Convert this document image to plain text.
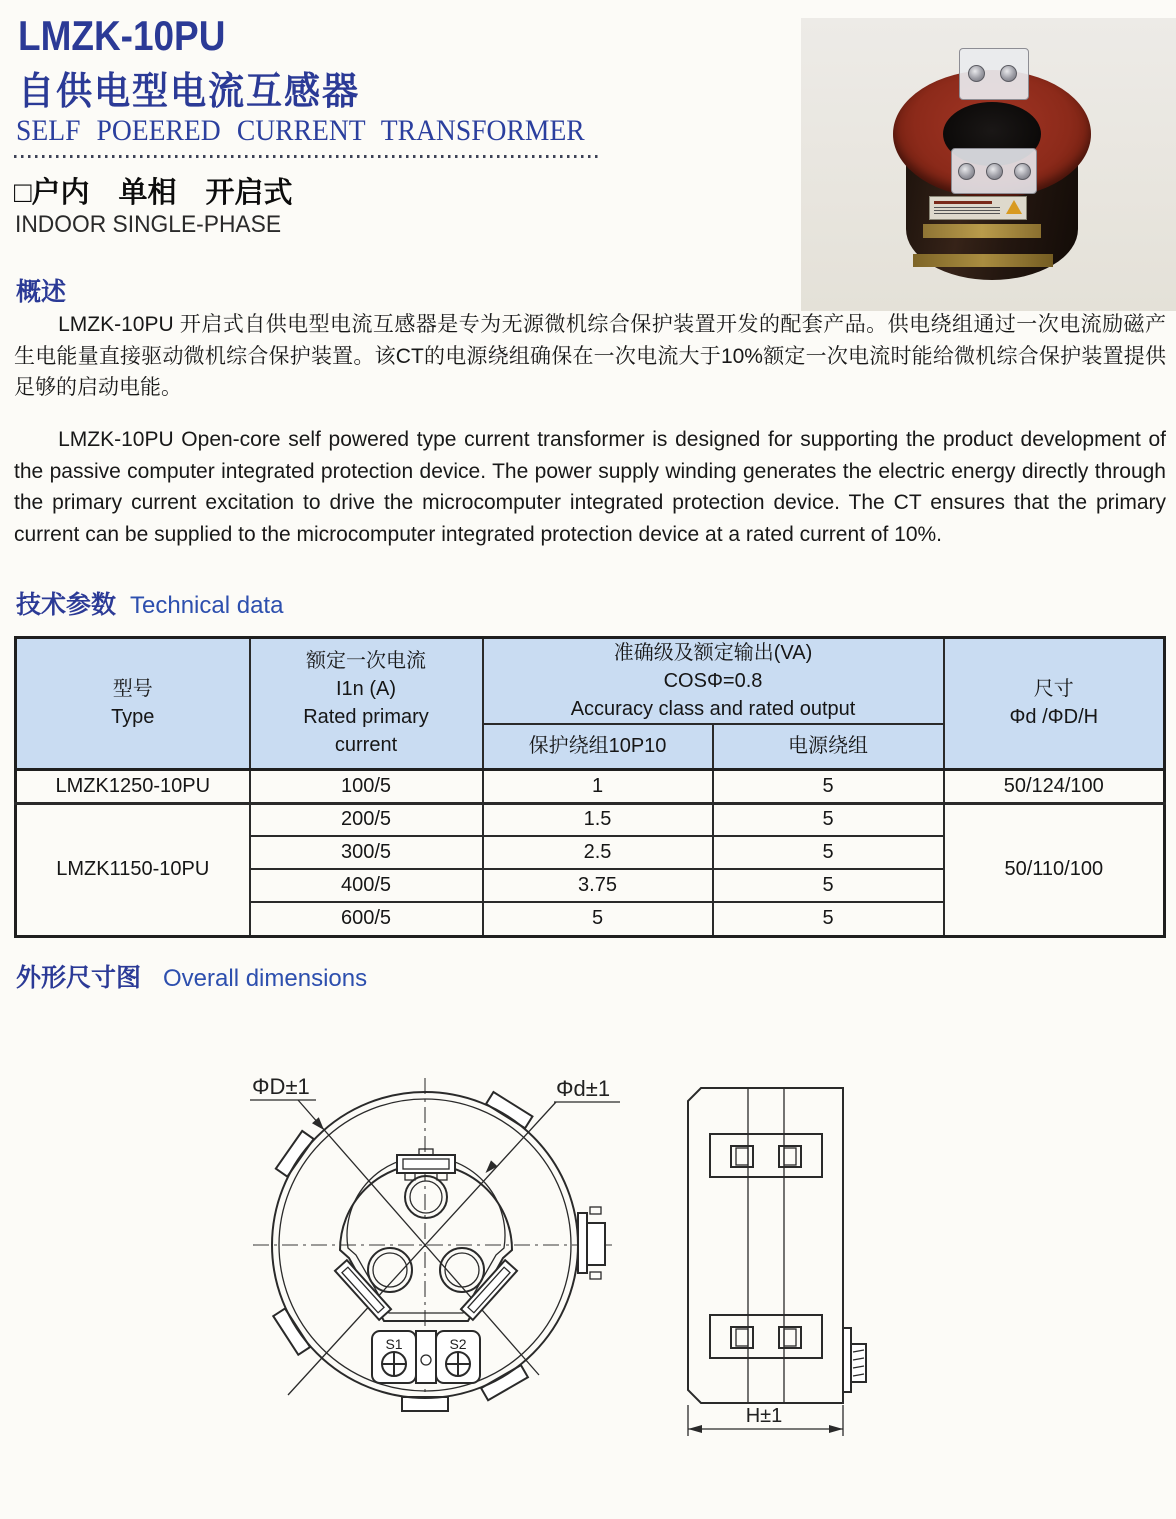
LMZK-10PU
自供电型电流互感器
SELF POEERED CURRENT TRANSFORMER
□户内　单相　开启式
INDOOR SINGLE-PHASE
概述
LMZK-10PU 开启式自供电型电流互感器是专为无源微机综合保护装置开发的配套产品。供电绕组通过一次电流励磁产生电能量直接驱动微机综合保护装置。该CT的电源绕组确保在一次电流大于10%额定一次电流时能给微机综合保护装置提供足够的启动电能。
LMZK-10PU Open-core self powered type current transformer is designed for supporting the product development of the passive computer integrated protection device. The power supply winding generates the electric energy directly through the primary current excitation to drive the microcomputer integrated protection device. The CT ensures that the primary current can be supplied to the microcomputer integrated protection device at a rated current of 10%.
技术参数 Technical data
型号
Type

额定一次电流
I1n (A)
Rated primary
current

准确级及额定输出(VA)
COSΦ=0.8
Accuracy class and rated output

尺寸
Φd /ΦD/H

		保护绕组10P10	电源绕组	
LMZK1250-10PU	100/5	1	5	50/124/100
LMZK1150-10PU	200/5	1.5	5	50/110/100
	300/5	2.5	5	
	400/5	3.75	5	
	600/5	5	5	
外形尺寸图 Overall dimensions
ΦD±1	Φd±1
S1	S2
H±1
